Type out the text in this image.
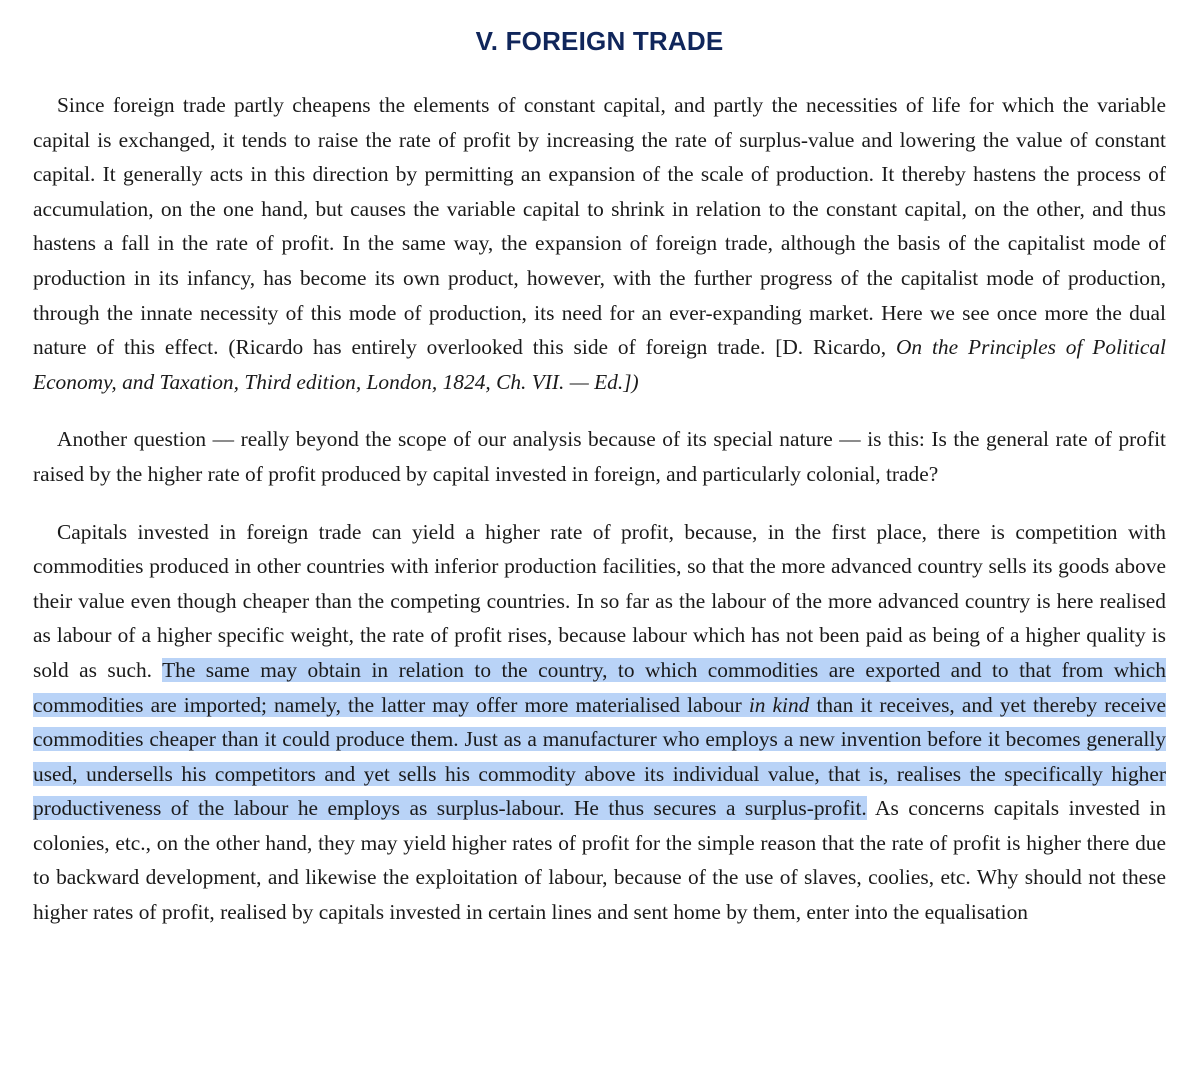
V. FOREIGN TRADE

Since foreign trade partly cheapens the elements of constant capital, and partly the necessities of life for which the variable capital is exchanged, it tends to raise the rate of profit by increasing the rate of surplus-value and lowering the value of constant capital. It generally acts in this direction by permitting an expansion of the scale of production. It thereby hastens the process of accumulation, on the one hand, but causes the variable capital to shrink in relation to the constant capital, on the other, and thus hastens a fall in the rate of profit. In the same way, the expansion of foreign trade, although the basis of the capitalist mode of production in its infancy, has become its own product, however, with the further progress of the capitalist mode of production, through the innate necessity of this mode of production, its need for an ever-expanding market. Here we see once more the dual nature of this effect. (Ricardo has entirely overlooked this side of foreign trade. [D. Ricardo, On the Principles of Political Economy, and Taxation, Third edition, London, 1824, Ch. VII. — Ed.])

Another question — really beyond the scope of our analysis because of its special nature — is this: Is the general rate of profit raised by the higher rate of profit produced by capital invested in foreign, and particularly colonial, trade?

Capitals invested in foreign trade can yield a higher rate of profit, because, in the first place, there is competition with commodities produced in other countries with inferior production facilities, so that the more advanced country sells its goods above their value even though cheaper than the competing countries. In so far as the labour of the more advanced country is here realised as labour of a higher specific weight, the rate of profit rises, because labour which has not been paid as being of a higher quality is sold as such. The same may obtain in relation to the country, to which commodities are exported and to that from which commodities are imported; namely, the latter may offer more materialised labour in kind than it receives, and yet thereby receive commodities cheaper than it could produce them. Just as a manufacturer who employs a new invention before it becomes generally used, undersells his competitors and yet sells his commodity above its individual value, that is, realises the specifically higher productiveness of the labour he employs as surplus-labour. He thus secures a surplus-profit. As concerns capitals invested in colonies, etc., on the other hand, they may yield higher rates of profit for the simple reason that the rate of profit is higher there due to backward development, and likewise the exploitation of labour, because of the use of slaves, coolies, etc. Why should not these higher rates of profit, realised by capitals invested in certain lines and sent home by them, enter into the equalisation
